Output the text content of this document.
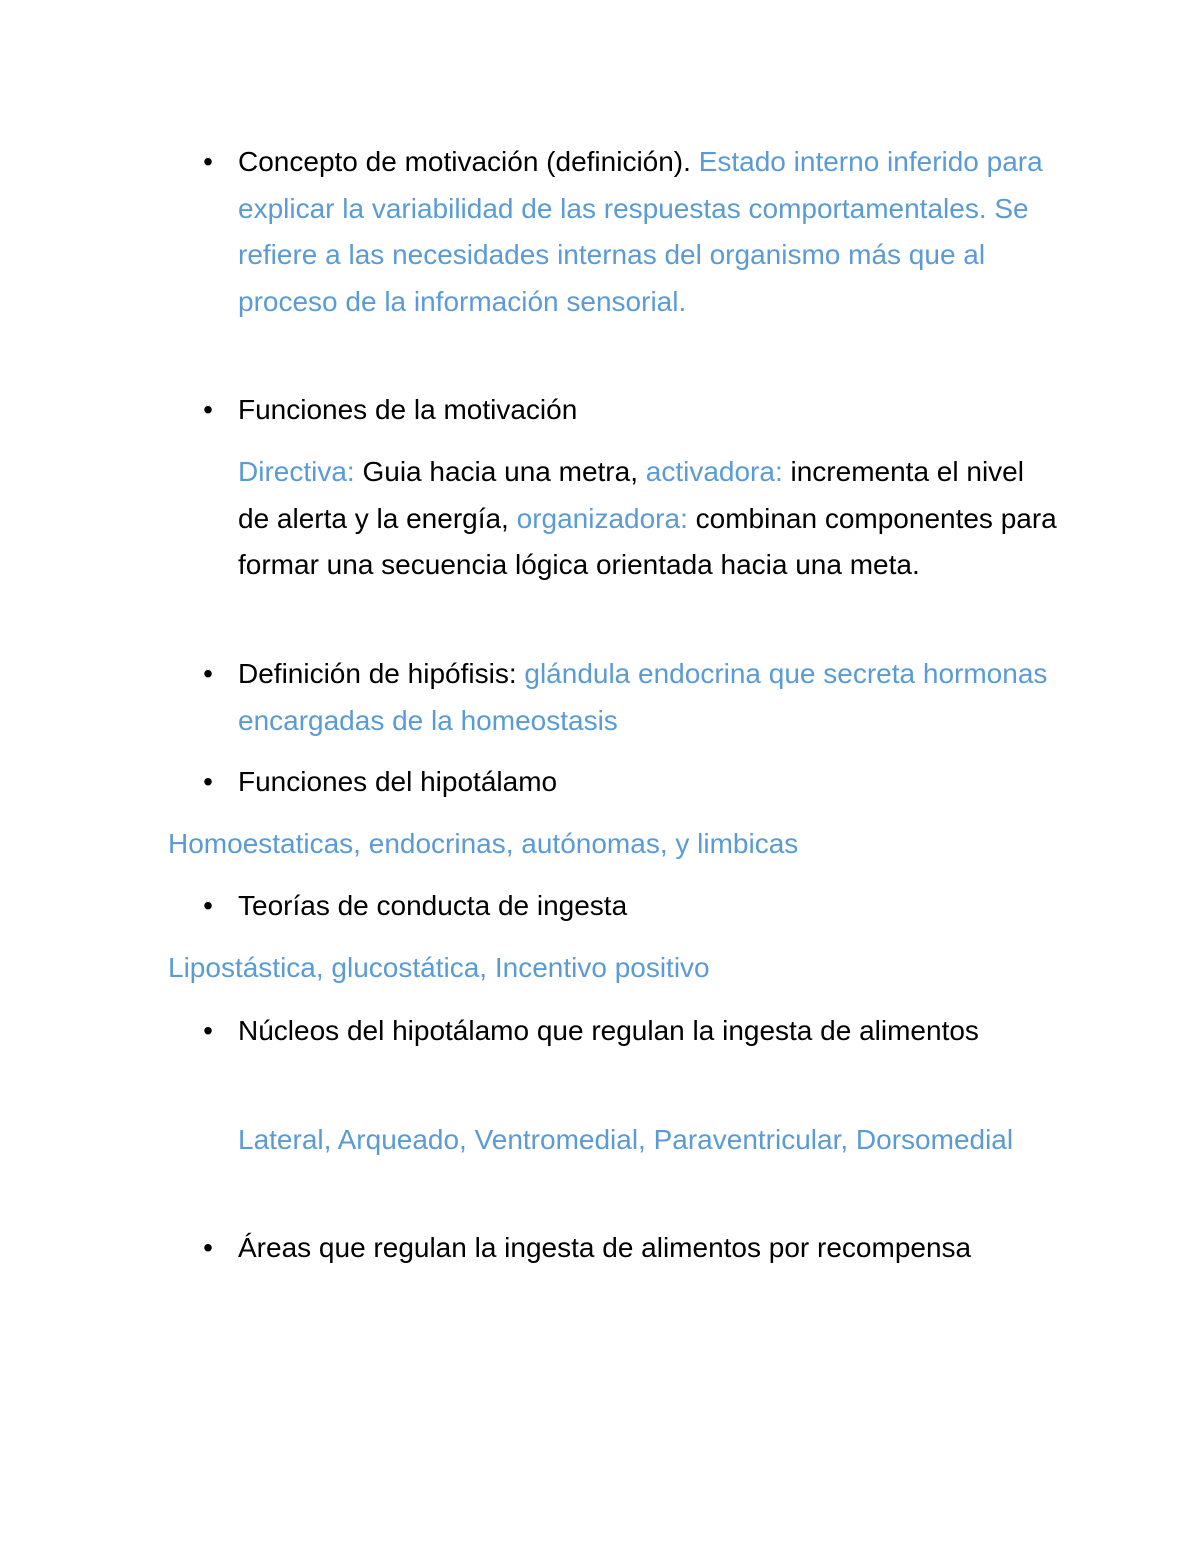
• Concepto de motivación (definición). Estado interno inferido para explicar la variabilidad de las respuestas comportamentales. Se refiere a las necesidades internas del organismo más que al proceso de la información sensorial.
• Funciones de la motivación
Directiva: Guia hacia una metra, activadora: incrementa el nivel de alerta y la energía, organizadora: combinan componentes para formar una secuencia lógica orientada hacia una meta.
• Definición de hipófisis: glándula endocrina que secreta hormonas encargadas de la homeostasis
• Funciones del hipotálamo
Homoestaticas, endocrinas, autónomas, y limbicas
• Teorías de conducta de ingesta
Lipostástica, glucostática, Incentivo positivo
• Núcleos del hipotálamo que regulan la ingesta de alimentos
Lateral, Arqueado, Ventromedial, Paraventricular, Dorsomedial
• Áreas que regulan la ingesta de alimentos por recompensa
